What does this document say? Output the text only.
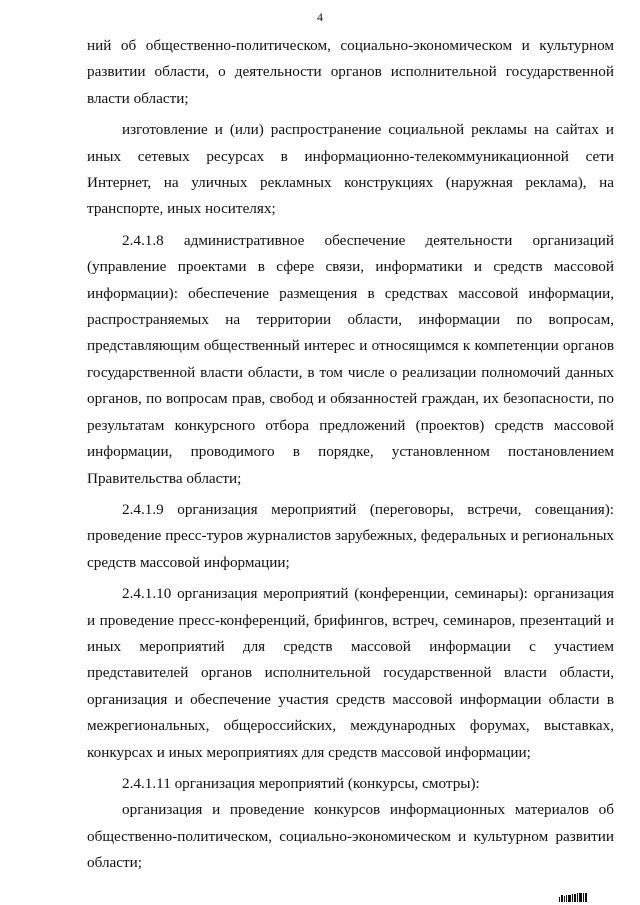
4

ний об общественно-политическом, социально-экономическом и культурном развитии области, о деятельности органов исполнительной государственной власти области;

изготовление и (или) распространение социальной рекламы на сайтах и иных сетевых ресурсах в информационно-телекоммуникационной сети Интернет, на уличных рекламных конструкциях (наружная реклама), на транспорте, иных носителях;

2.4.1.8 административное обеспечение деятельности организаций (управление проектами в сфере связи, информатики и средств массовой информации): обеспечение размещения в средствах массовой информации, распространяемых на территории области, информации по вопросам, представляющим общественный интерес и относящимся к компетенции органов государственной власти области, в том числе о реализации полномочий данных органов, по вопросам прав, свобод и обязанностей граждан, их безопасности, по результатам конкурсного отбора предложений (проектов) средств массовой информации, проводимого в порядке, установленном постановлением Правительства области;

2.4.1.9 организация мероприятий (переговоры, встречи, совещания): проведение пресс-туров журналистов зарубежных, федеральных и региональных средств массовой информации;

2.4.1.10 организация мероприятий (конференции, семинары): организация и проведение пресс-конференций, брифингов, встреч, семинаров, презентаций и иных мероприятий для средств массовой информации с участием представителей органов исполнительной государственной власти области, организация и обеспечение участия средств массовой информации области в межрегиональных, общероссийских, международных форумах, выставках, конкурсах и иных мероприятиях для средств массовой информации;

2.4.1.11 организация мероприятий (конкурсы, смотры):

организация и проведение конкурсов информационных материалов об общественно-политическом, социально-экономическом и культурном развитии области;
